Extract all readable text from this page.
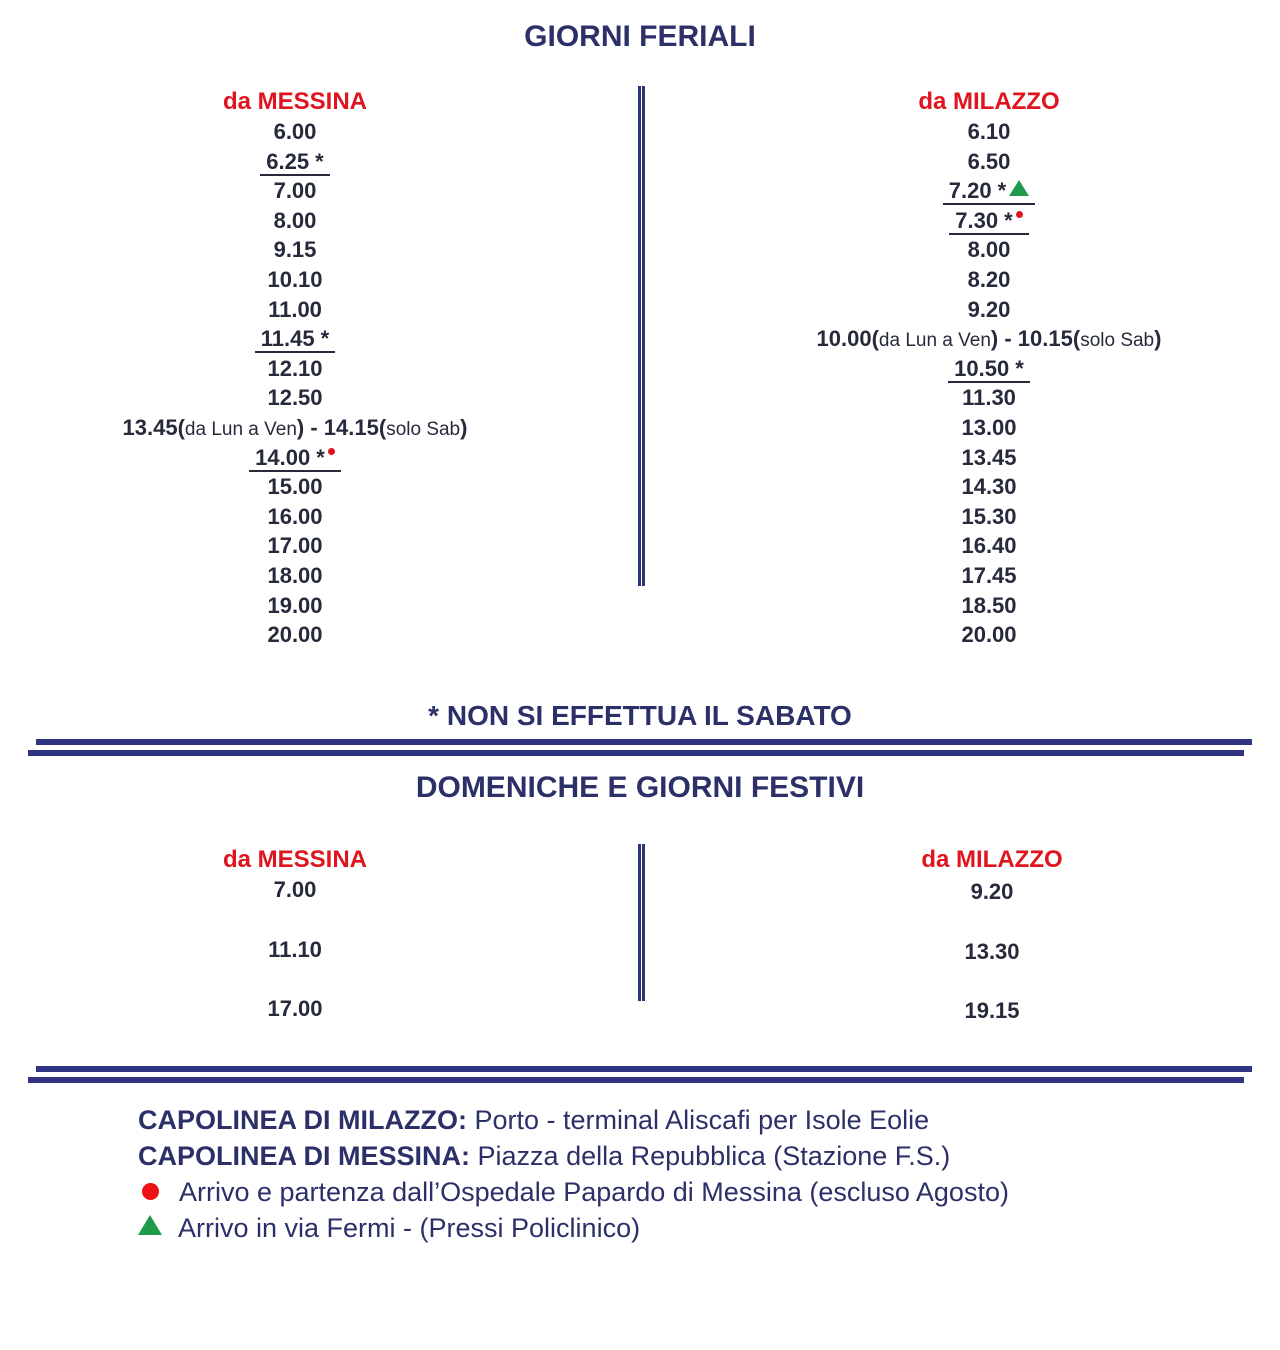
GIORNI FERIALI
da MESSINA
6.00
6.25 *
7.00
8.00
9.15
10.10
11.00
11.45 *
12.10
12.50
13.45(da Lun a Ven) - 14.15(solo Sab)
14.00 *
15.00
16.00
17.00
18.00
19.00
20.00
da MILAZZO
6.10
6.50
7.20 *
7.30 *
8.00
8.20
9.20
10.00(da Lun a Ven) - 10.15(solo Sab)
10.50 *
11.30
13.00
13.45
14.30
15.30
16.40
17.45
18.50
20.00
* NON SI EFFETTUA IL SABATO
DOMENICHE E GIORNI FESTIVI
da MESSINA
7.00
11.10
17.00
da MILAZZO
9.20
13.30
19.15
CAPOLINEA DI MILAZZO: Porto - terminal Aliscafi per Isole Eolie
CAPOLINEA DI MESSINA: Piazza della Repubblica (Stazione F.S.)
Arrivo e partenza dall’Ospedale Papardo di Messina (escluso Agosto)
Arrivo in via Fermi - (Pressi Policlinico)
